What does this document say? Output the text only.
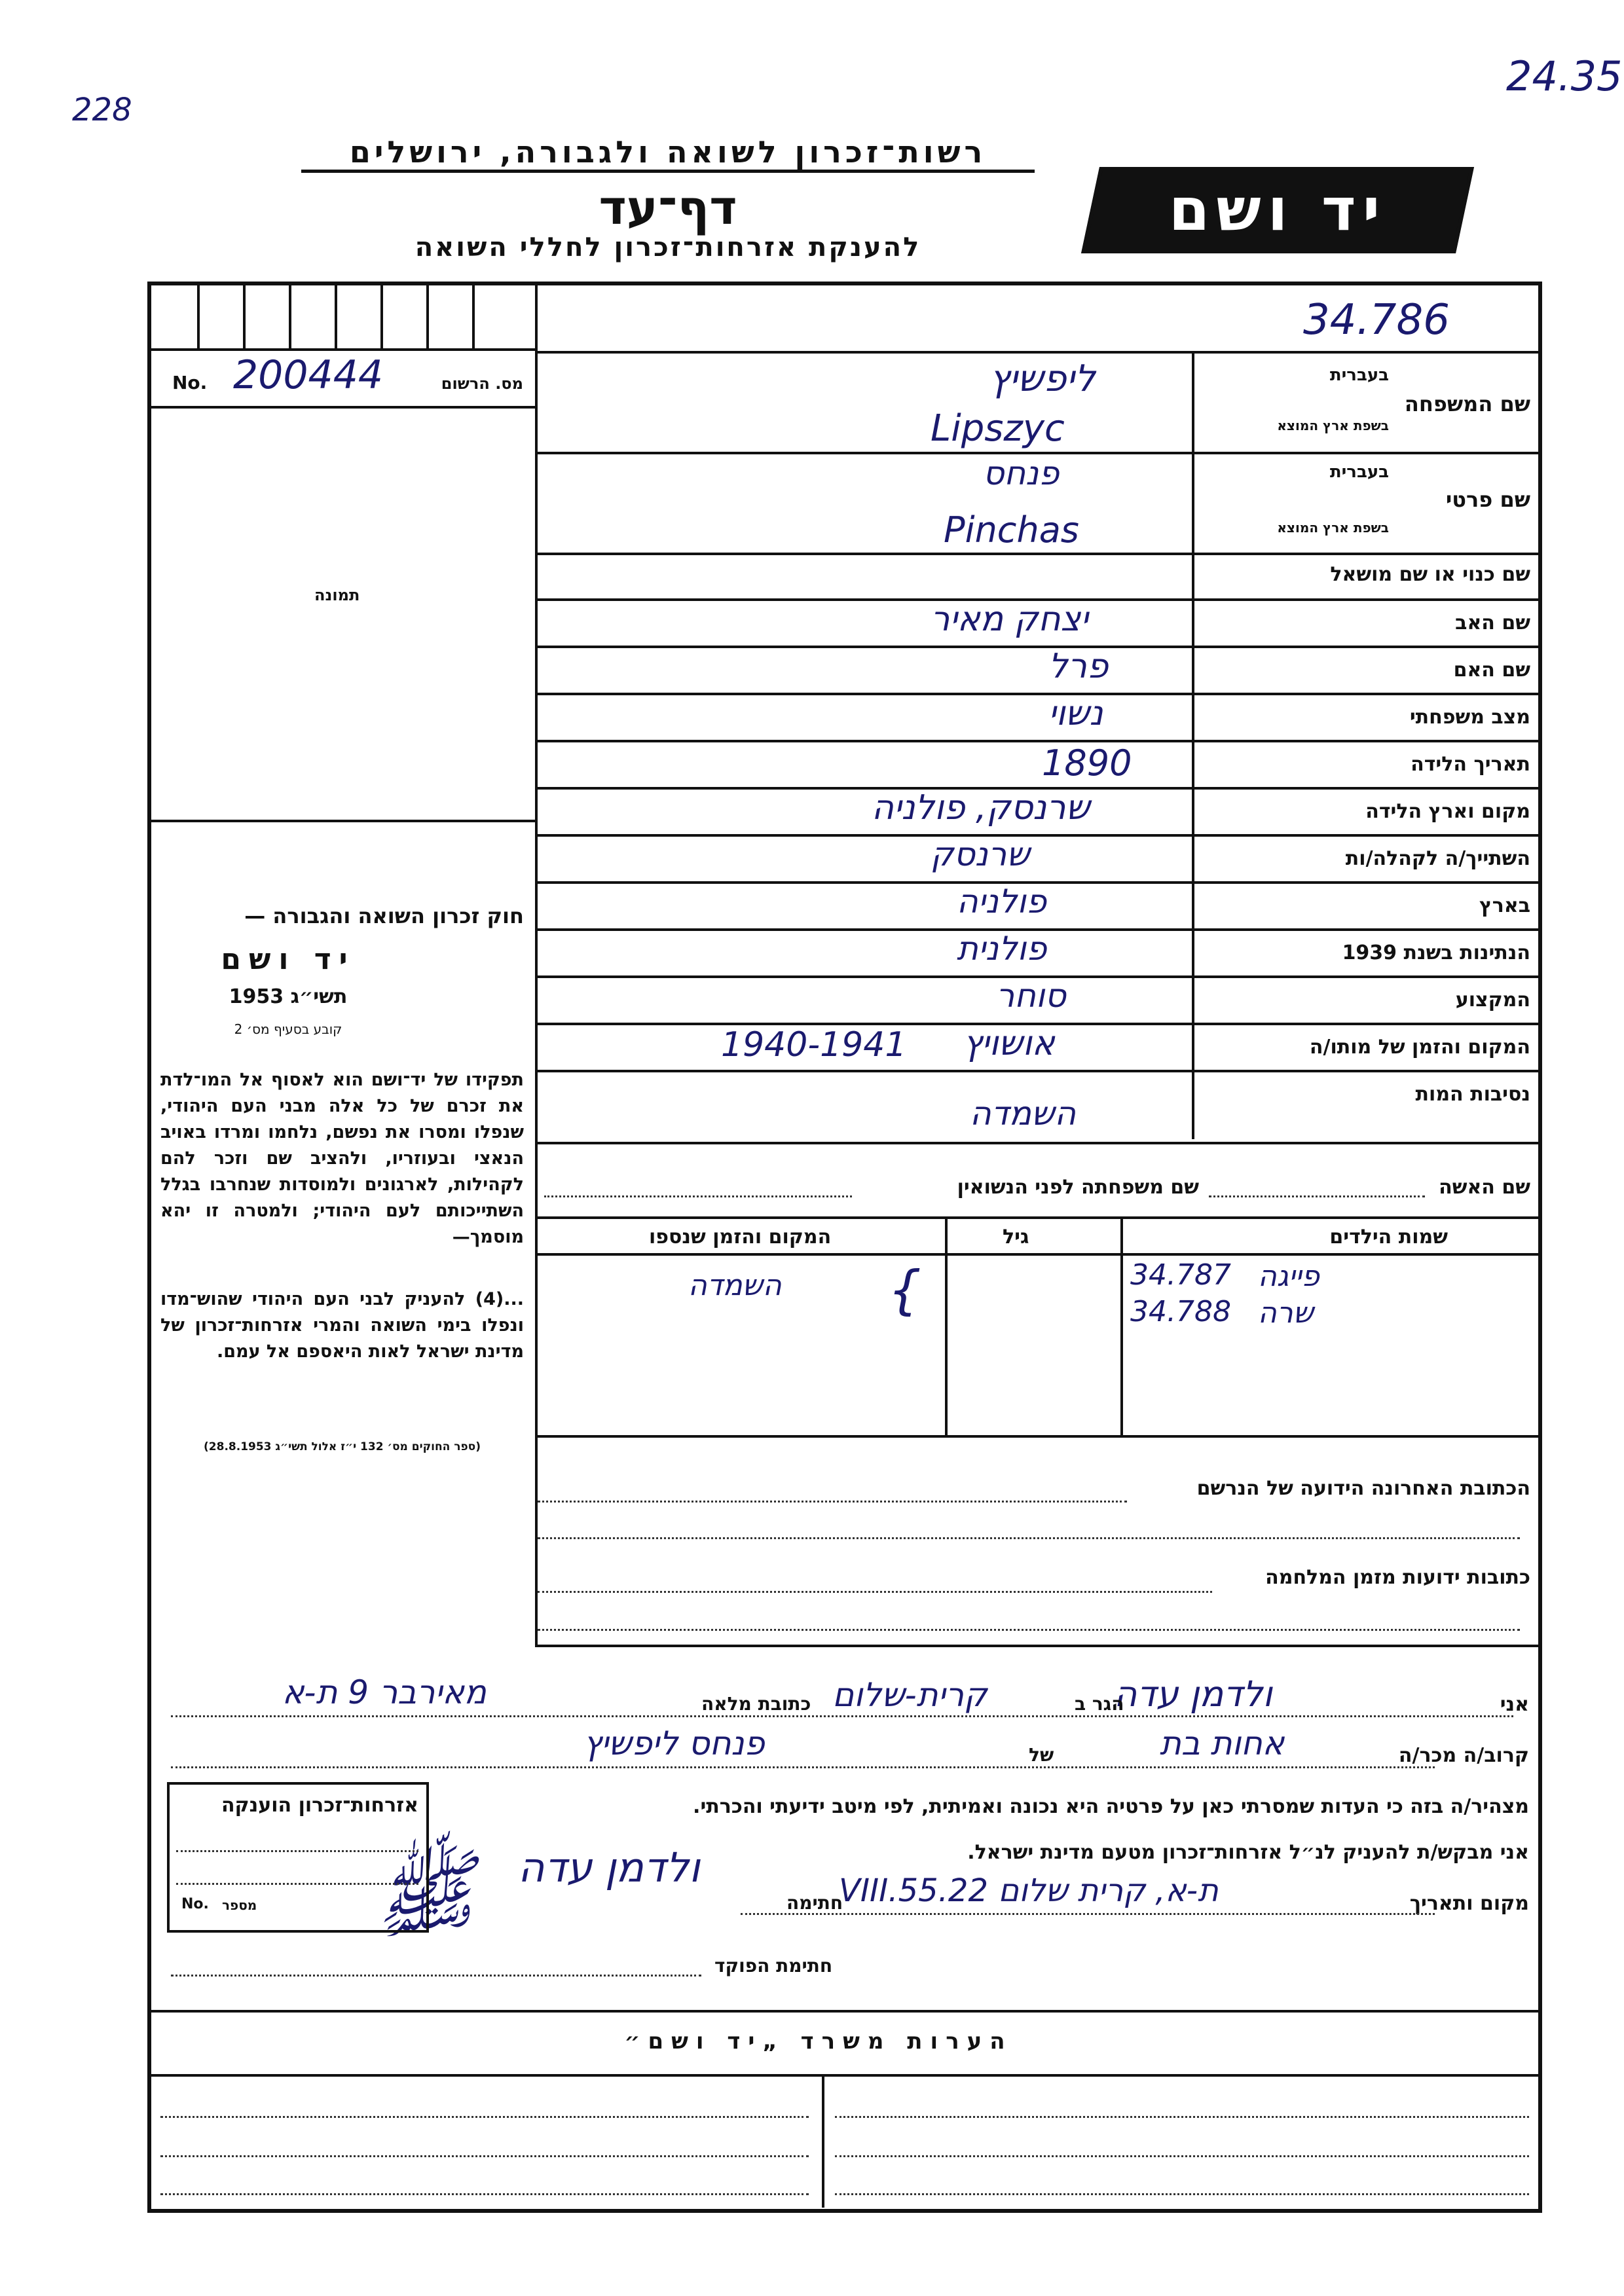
228
24.35
רשות־זכרון לשואה ולגבורה, ירושלים
דף־עד
להענקת אזרחות־זכרון לחללי השואה
יד ושם
34.786
No. 200444	מס. הרשום
תמונה
חוק זכרון השואה והגבורה —
יד ושם
תשי״ג 1953
קובע בסעיף מס׳ 2
תפקידו של יד־ושם הוא לאסוף אל המו־לדת את זכרם של כל אלה מבני העם היהודי, שנפלו ומסרו את נפשם, נלחמו ומרדו באויב הנאצי ובעוזריו, ולהציב שם וזכר להם לקהילות, לארגונים ולמוסדות שנחרבו בגלל השתייכותם לעם היהודי; ולמטרה זו יהא מוסמך—
...(4) להעניק לבני העם היהודי שהוש־מדו ונפלו בימי השואה והמרי אזרחות־זכרון של מדינת ישראל לאות היאספם אל עמם.
(ספר החוקים מס׳ 132 י״ז אלול תשי״ג 28.8.1953)
שם המשפחה
בעברית
בשפת ארץ המוצא
ליפשיץ
Lipszyc
שם פרטי
בעברית
בשפת ארץ המוצא
פנחס
Pinchas
שם כנוי או שם מושאל
שם האב
יצחק מאיר
שם האם
פרל
מצב משפחתי
נשוי
תאריך הלידה
1890
מקום וארץ הלידה
שרנסק, פולניה
השתייך/ה לקהלה/ות
שרנסק
בארץ
פולניה
הנתינות בשנת 1939
פולנית
המקצוע
סוחר
המקום והזמן של מותו/ה
אושויץ
1940-1941
נסיבות המות
השמדה
שם האשה
שם משפחתה לפני הנשואין
שמות הילדים
גיל
המקום והזמן שנספו
פייגה
34.787
השמדה {	שרה
34.788
הכתובת האחרונה הידועה של הנרשם
כתובות ידועות מזמן המלחמה
אני
ולדמן עדה
הגר ב
קרית-שלום
כתובת מלאה
מאירבר 9 ת-א
קרוב/ה מכר/ה
אחות בת
של
פנחס ליפשיץ
מצהיר/ה בזה כי העדות שמסרתי כאן על פרטיה היא נכונה ואמיתית, לפי מיטב ידיעתי והכרתי.
אני מבקש/ת להעניק לנ״ל אזרחות־זכרון מטעם מדינת ישראל.
מקום ותאריך
ת-א, קרית שלום 22.VIII.55
חתימה
ולדמן עדה
חתימת הפוקד
ﷺ
אזרחות־זכרון הוענקה
No. מספר
הערות משרד „יד ושם״
